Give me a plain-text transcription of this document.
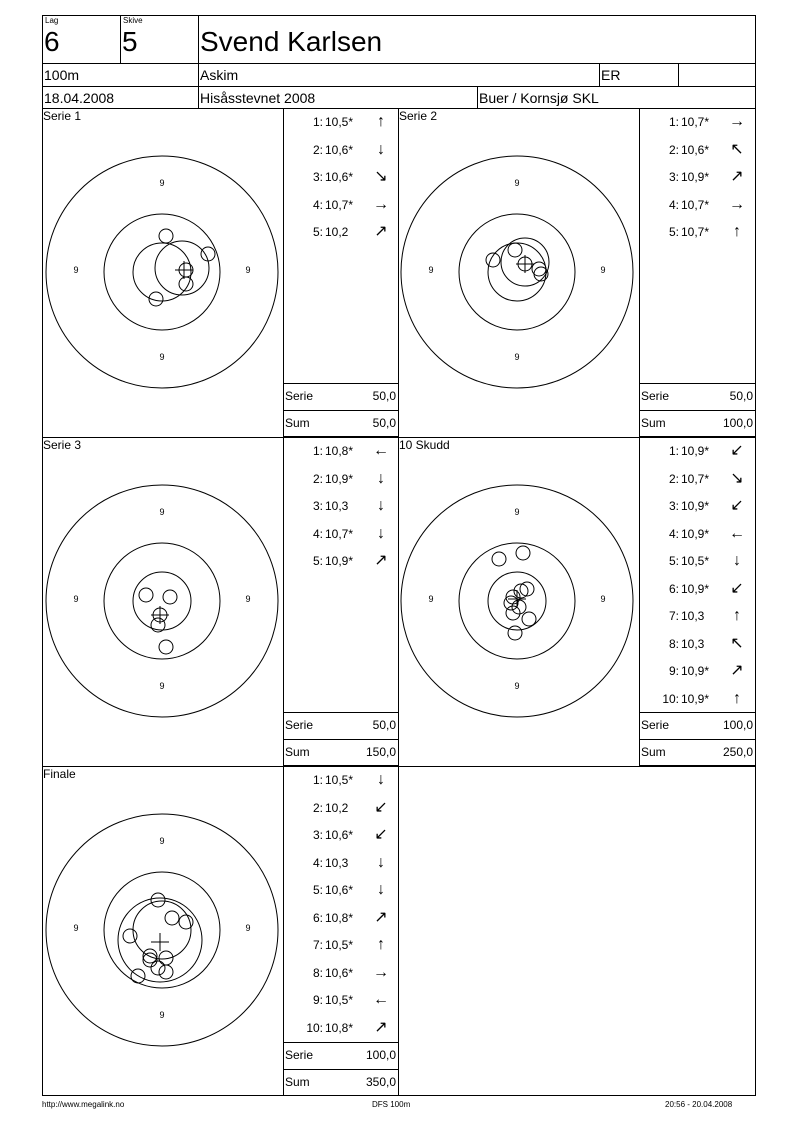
Lag
6
Skive
5 Svend Karlsen
100m	Askim	ER
18.04.2008	Hisåsstevnet 2008	Buer / Kornsjø SKL
Serie 1
9
9
9	9
1: 10,5*	↑
2: 10,6*	↓
3: 10,6* ↘
4: 10,7* →
5: 10,2 ↗
Serie	50,0
Sum	50,0
Serie 2
9
9
9	9
1: 10,7* →
2: 10,6* ↖
3: 10,9* ↗
4: 10,7* →
5: 10,7*	↑
Serie	50,0
Sum	100,0
Serie 3
9
9
9	9
1: 10,8* ←
2: 10,9*	↓
3: 10,3	↓
4: 10,7*	↓
5: 10,9* ↗
Serie	50,0
Sum	150,0
10 Skudd
9
9
9	9
1: 10,9* ↙
2: 10,7* ↘
3: 10,9* ↙
4: 10,9* ←
5: 10,5*	↓
6: 10,9* ↙
7: 10,3	↑
8: 10,3 ↖
9: 10,9* ↗
10: 10,9*	↑
Serie	100,0
Sum	250,0
Finale
9
9
9	9
1: 10,5*	↓
2: 10,2 ↙
3: 10,6* ↙
4: 10,3	↓
5: 10,6*	↓
6: 10,8* ↗
7: 10,5*	↑
8: 10,6* →
9: 10,5* ←
10: 10,8* ↗
Serie	100,0
Sum	350,0
http://www.megalink.no	DFS 100m	20:56 - 20.04.2008
